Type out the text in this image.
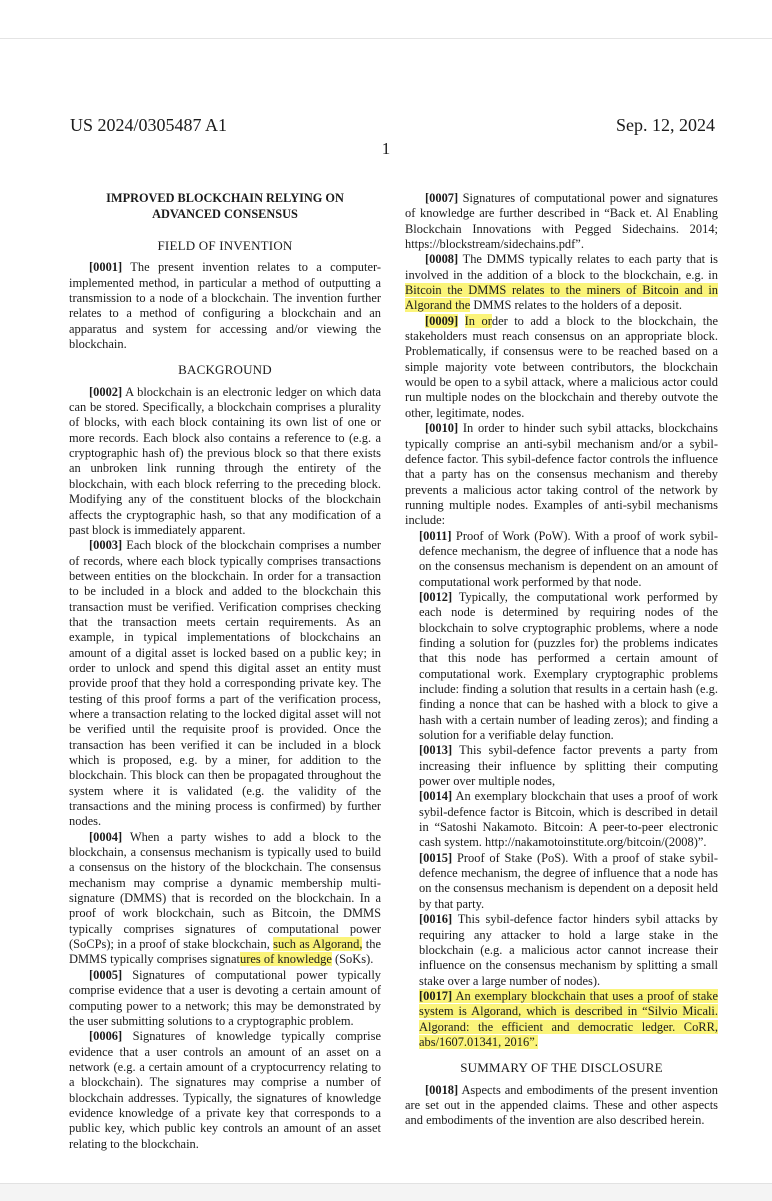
US 2024/0305487 A1	Sep. 12, 2024
1
IMPROVED BLOCKCHAIN RELYING ON
ADVANCED CONSENSUS
FIELD OF INVENTION

[0001] The present invention relates to a computer-implemented method, in particular a method of outputting a transmission to a node of a blockchain. The invention further relates to a method of configuring a blockchain and an apparatus and system for accessing and/or viewing the blockchain.

BACKGROUND

[0002] A blockchain is an electronic ledger on which data can be stored. Specifically, a blockchain comprises a plurality of blocks, with each block containing its own list of one or more records. Each block also contains a reference to (e.g. a cryptographic hash of) the previous block so that there exists an unbroken link running through the entirety of the blockchain, with each block referring to the preceding block. Modifying any of the constituent blocks of the blockchain affects the cryptographic hash, so that any modification of a past block is immediately apparent.

[0003] Each block of the blockchain comprises a number of records, where each block typically comprises transactions between entities on the blockchain. In order for a transaction to be included in a block and added to the blockchain this transaction must be verified. Verification comprises checking that the transaction meets certain requirements. As an example, in typical implementations of blockchains an amount of a digital asset is locked based on a public key; in order to unlock and spend this digital asset an entity must provide proof that they hold a corresponding private key. The testing of this proof forms a part of the verification process, where a transaction relating to the locked digital asset will not be verified until the requisite proof is provided. Once the transaction has been verified it can be included in a block which is proposed, e.g. by a miner, for addition to the blockchain. This block can then be propagated throughout the system where it is validated (e.g. the validity of the transactions and the mining process is confirmed) by further nodes.

[0004] When a party wishes to add a block to the blockchain, a consensus mechanism is typically used to build a consensus on the history of the blockchain. The consensus mechanism may comprise a dynamic membership multi-signature (DMMS) that is recorded on the blockchain. In a proof of work blockchain, such as Bitcoin, the DMMS typically comprises signatures of computational power (SoCPs); in a proof of stake blockchain, such as Algorand, the DMMS typically comprises signatures of knowledge (SoKs).

[0005] Signatures of computational power typically comprise evidence that a user is devoting a certain amount of computing power to a network; this may be demonstrated by the user submitting solutions to a cryptographic problem.

[0006] Signatures of knowledge typically comprise evidence that a user controls an amount of an asset on a network (e.g. a certain amount of a cryptocurrency relating to a blockchain). The signatures may comprise a number of blockchain addresses. Typically, the signatures of knowledge evidence knowledge of a private key that corresponds to a public key, which public key controls an amount of an asset relating to the blockchain.

[0007] Signatures of computational power and signatures of knowledge are further described in “Back et. Al Enabling Blockchain Innovations with Pegged Sidechains. 2014; https://blockstream/sidechains.pdf”.

[0008] The DMMS typically relates to each party that is involved in the addition of a block to the blockchain, e.g. in Bitcoin the DMMS relates to the miners of Bitcoin and in Algorand the DMMS relates to the holders of a deposit.

[0009] In order to add a block to the blockchain, the stakeholders must reach consensus on an appropriate block. Problematically, if consensus were to be reached based on a simple majority vote between contributors, the blockchain would be open to a sybil attack, where a malicious actor could run multiple nodes on the blockchain and thereby outvote the other, legitimate, nodes.

[0010] In order to hinder such sybil attacks, blockchains typically comprise an anti-sybil mechanism and/or a sybil-defence factor. This sybil-defence factor controls the influence that a party has on the consensus mechanism and thereby prevents a malicious actor taking control of the network by running multiple nodes. Examples of anti-sybil mechanisms include:

[0011] Proof of Work (PoW). With a proof of work sybil-defence mechanism, the degree of influence that a node has on the consensus mechanism is dependent on an amount of computational work performed by that node.

[0012] Typically, the computational work performed by each node is determined by requiring nodes of the blockchain to solve cryptographic problems, where a node finding a solution for (puzzles for) the problems indicates that this node has performed a certain amount of computational work. Exemplary cryptographic problems include: finding a solution that results in a certain hash (e.g. finding a nonce that can be hashed with a block to give a hash with a certain number of leading zeros); and finding a solution for a verifiable delay function.

[0013] This sybil-defence factor prevents a party from increasing their influence by splitting their computing power over multiple nodes,

[0014] An exemplary blockchain that uses a proof of work sybil-defence factor is Bitcoin, which is described in detail in “Satoshi Nakamoto. Bitcoin: A peer-to-peer electronic cash system. http://nakamotoinstitute.org/bitcoin/(2008)”.

[0015] Proof of Stake (PoS). With a proof of stake sybil-defence mechanism, the degree of influence that a node has on the consensus mechanism is dependent on a deposit held by that party.

[0016] This sybil-defence factor hinders sybil attacks by requiring any attacker to hold a large stake in the blockchain (e.g. a malicious actor cannot increase their influence on the consensus mechanism by splitting a small stake over a large number of nodes).

[0017] An exemplary blockchain that uses a proof of stake system is Algorand, which is described in “Silvio Micali. Algorand: the efficient and democratic ledger. CoRR, abs/1607.01341, 2016”.

SUMMARY OF THE DISCLOSURE

[0018] Aspects and embodiments of the present invention are set out in the appended claims. These and other aspects and embodiments of the invention are also described herein.
